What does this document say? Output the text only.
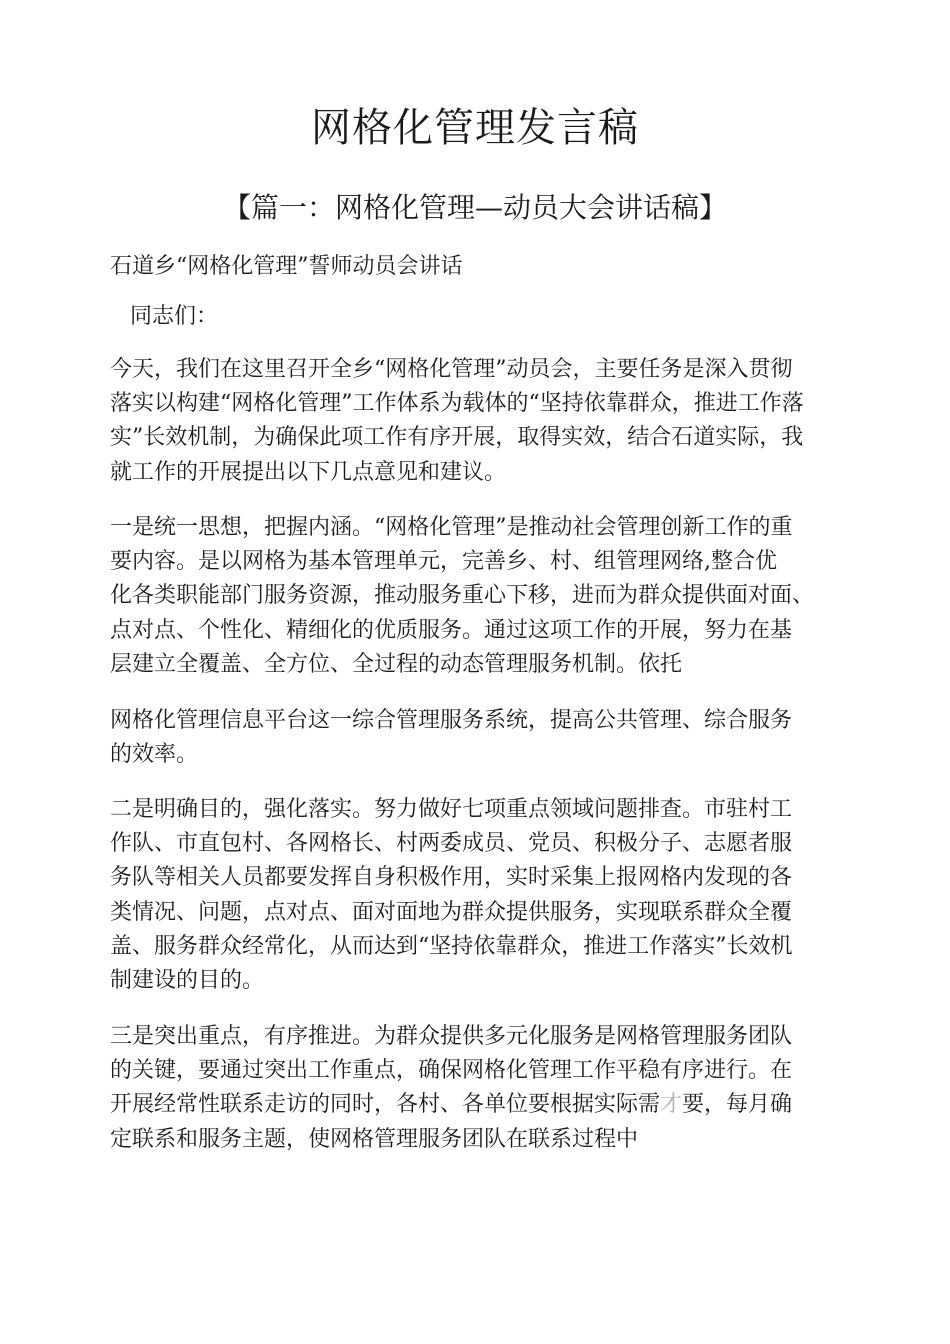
网格化管理发言稿
【篇一：网格化管理—动员大会讲话稿】

石道乡“网格化管理”誓师动员会讲话

同志们：

今天，我们在这里召开全乡“网格化管理”动员会，主要任务是深入贯彻
落实以构建“网格化管理”工作体系为载体的“坚持依靠群众，推进工作落
实”长效机制，为确保此项工作有序开展，取得实效，结合石道实际，我
就工作的开展提出以下几点意见和建议。
一是统一思想，把握内涵。“网格化管理”是推动社会管理创新工作的重
要内容。是以网格为基本管理单元，完善乡、村、组管理网络,整合优
化各类职能部门服务资源，推动服务重心下移，进而为群众提供面对面、
点对点、个性化、精细化的优质服务。通过这项工作的开展，努力在基
层建立全覆盖、全方位、全过程的动态管理服务机制。依托
网格化管理信息平台这一综合管理服务系统，提高公共管理、综合服务
的效率。
二是明确目的，强化落实。努力做好七项重点领域问题排查。市驻村工
作队、市直包村、各网格长、村两委成员、党员、积极分子、志愿者服
务队等相关人员都要发挥自身积极作用，实时采集上报网格内发现的各
类情况、问题，点对点、面对面地为群众提供服务，实现联系群众全覆
盖、服务群众经常化，从而达到“坚持依靠群众，推进工作落实”长效机
制建设的目的。
三是突出重点，有序推进。为群众提供多元化服务是网格管理服务团队
的关键，要通过突出工作重点，确保网格化管理工作平稳有序进行。在
开展经常性联系走访的同时，各村、各单位要根据实际需才要，每月确
定联系和服务主题，使网格管理服务团队在联系过程中
